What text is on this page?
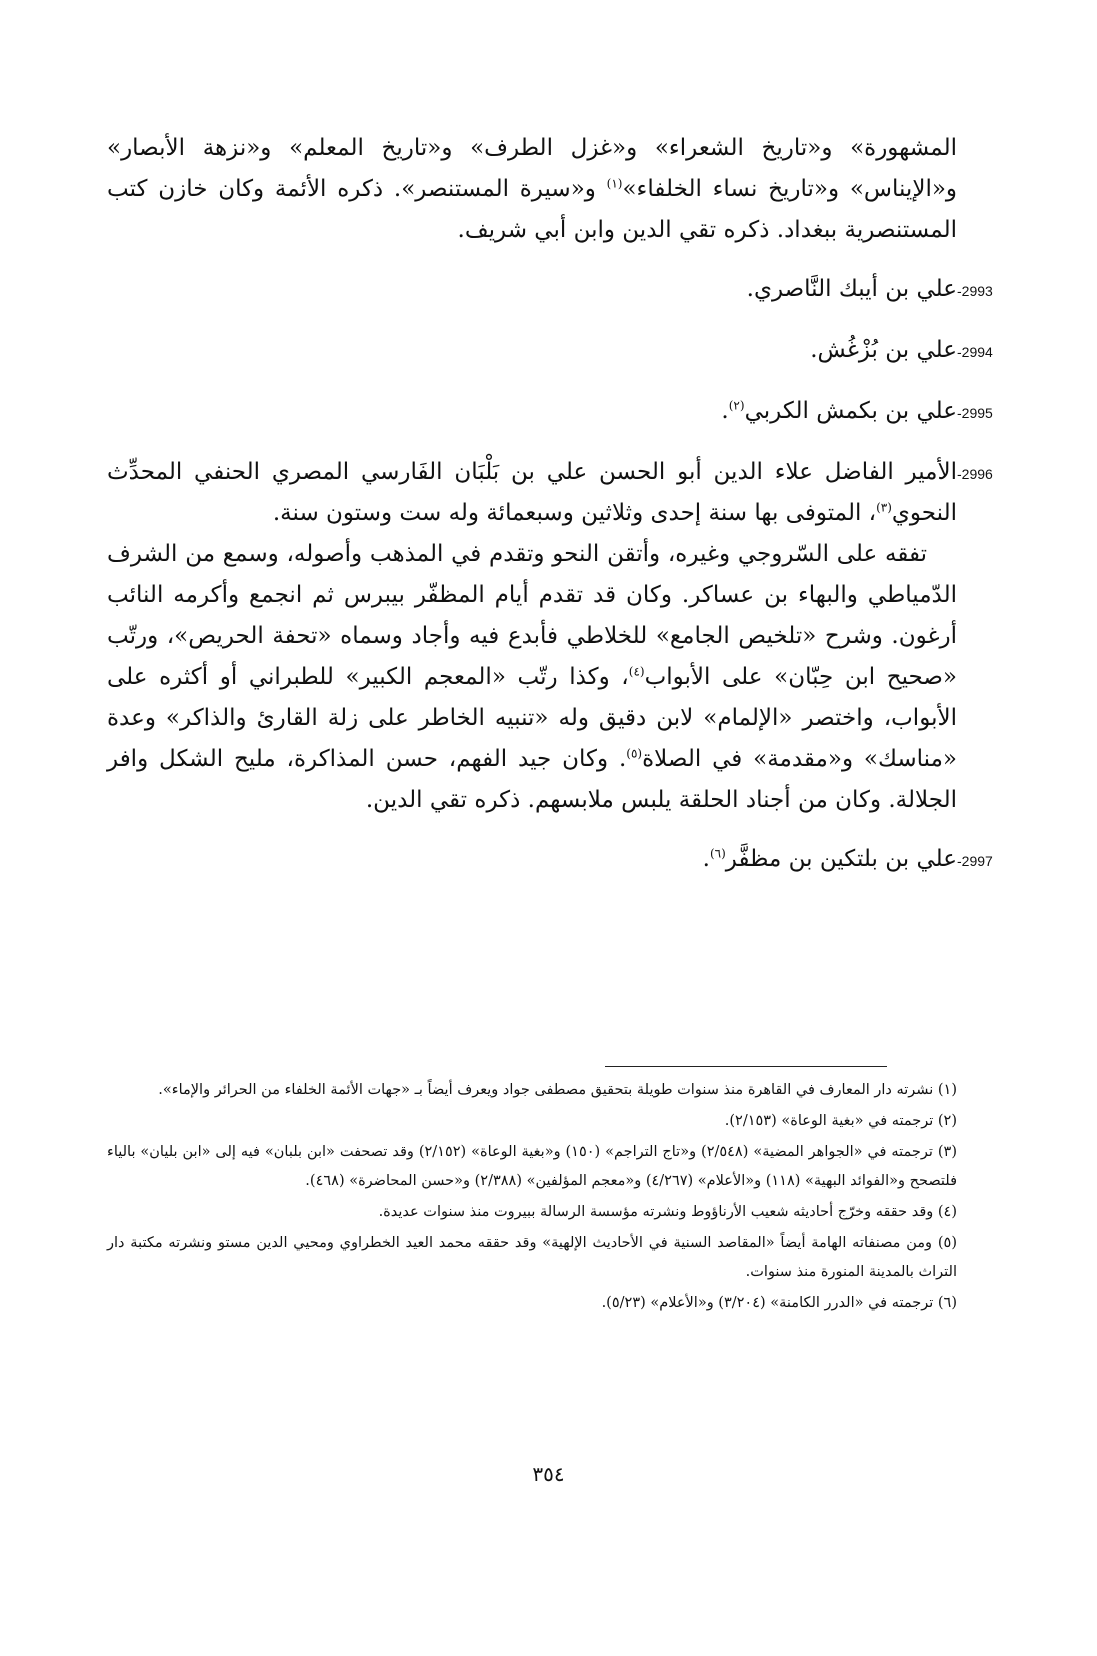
المشهورة» و«تاريخ الشعراء» و«غزل الطرف» و«تاريخ المعلم» و«نزهة الأبصار» و«الإيناس» و«تاريخ نساء الخلفاء»$^{(١)}$ و«سيرة المستنصر». ذكره الأئمة وكان خازن كتب المستنصرية ببغداد. ذكره تقي الدين وابن أبي شريف.

2993-
علي بن أيبك النَّاصري.
2994-
علي بن بُزْغُش.
2995-
علي بن بكمش الكربي$^{(٢)}$.
2996-
الأمير الفاضل علاء الدين أبو الحسن علي بن بَلْبَان الفَارسي المصري الحنفي المحدِّث النحوي$^{(٣)}$، المتوفى بها سنة إحدى وثلاثين وسبعمائة وله ست وستون سنة.

تفقه على السّروجي وغيره، وأتقن النحو وتقدم في المذهب وأصوله، وسمع من الشرف الدّمياطي والبهاء بن عساكر. وكان قد تقدم أيام المظفّر بيبرس ثم انجمع وأكرمه النائب أرغون. وشرح «تلخيص الجامع» للخلاطي فأبدع فيه وأجاد وسماه «تحفة الحريص»، ورتّب «صحيح ابن حِبّان» على الأبواب$^{(٤)}$، وكذا رتّب «المعجم الكبير» للطبراني أو أكثره على الأبواب، واختصر «الإلمام» لابن دقيق وله «تنبيه الخاطر على زلة القارئ والذاكر» وعدة «مناسك» و«مقدمة» في الصلاة$^{(٥)}$. وكان جيد الفهم، حسن المذاكرة، مليح الشكل وافر الجلالة. وكان من أجناد الحلقة يلبس ملابسهم. ذكره تقي الدين.

2997-
علي بن بلتكين بن مظفَّر$^{(٦)}$.

(١) نشرته دار المعارف في القاهرة منذ سنوات طويلة بتحقيق مصطفى جواد ويعرف أيضاً بـ «جهات الأئمة الخلفاء من الحرائر والإماء».

(٢) ترجمته في «بغية الوعاة» (٢/١٥٣).

(٣) ترجمته في «الجواهر المضية» (٢/٥٤٨) و«تاج التراجم» (١٥٠) و«بغية الوعاة» (٢/١٥٢) وقد تصحفت «ابن بلبان» فيه إلى «ابن بليان» بالياء فلتصحح و«الفوائد البهية» (١١٨) و«الأعلام» (٤/٢٦٧) و«معجم المؤلفين» (٢/٣٨٨) و«حسن المحاضرة» (٤٦٨).

(٤) وقد حققه وخرّج أحاديثه شعيب الأرناؤوط ونشرته مؤسسة الرسالة ببيروت منذ سنوات عديدة.

(٥) ومن مصنفاته الهامة أيضاً «المقاصد السنية في الأحاديث الإلهية» وقد حققه محمد العيد الخطراوي ومحيي الدين مستو ونشرته مكتبة دار التراث بالمدينة المنورة منذ سنوات.

(٦) ترجمته في «الدرر الكامنة» (٣/٢٠٤) و«الأعلام» (٥/٢٣).

٣٥٤
